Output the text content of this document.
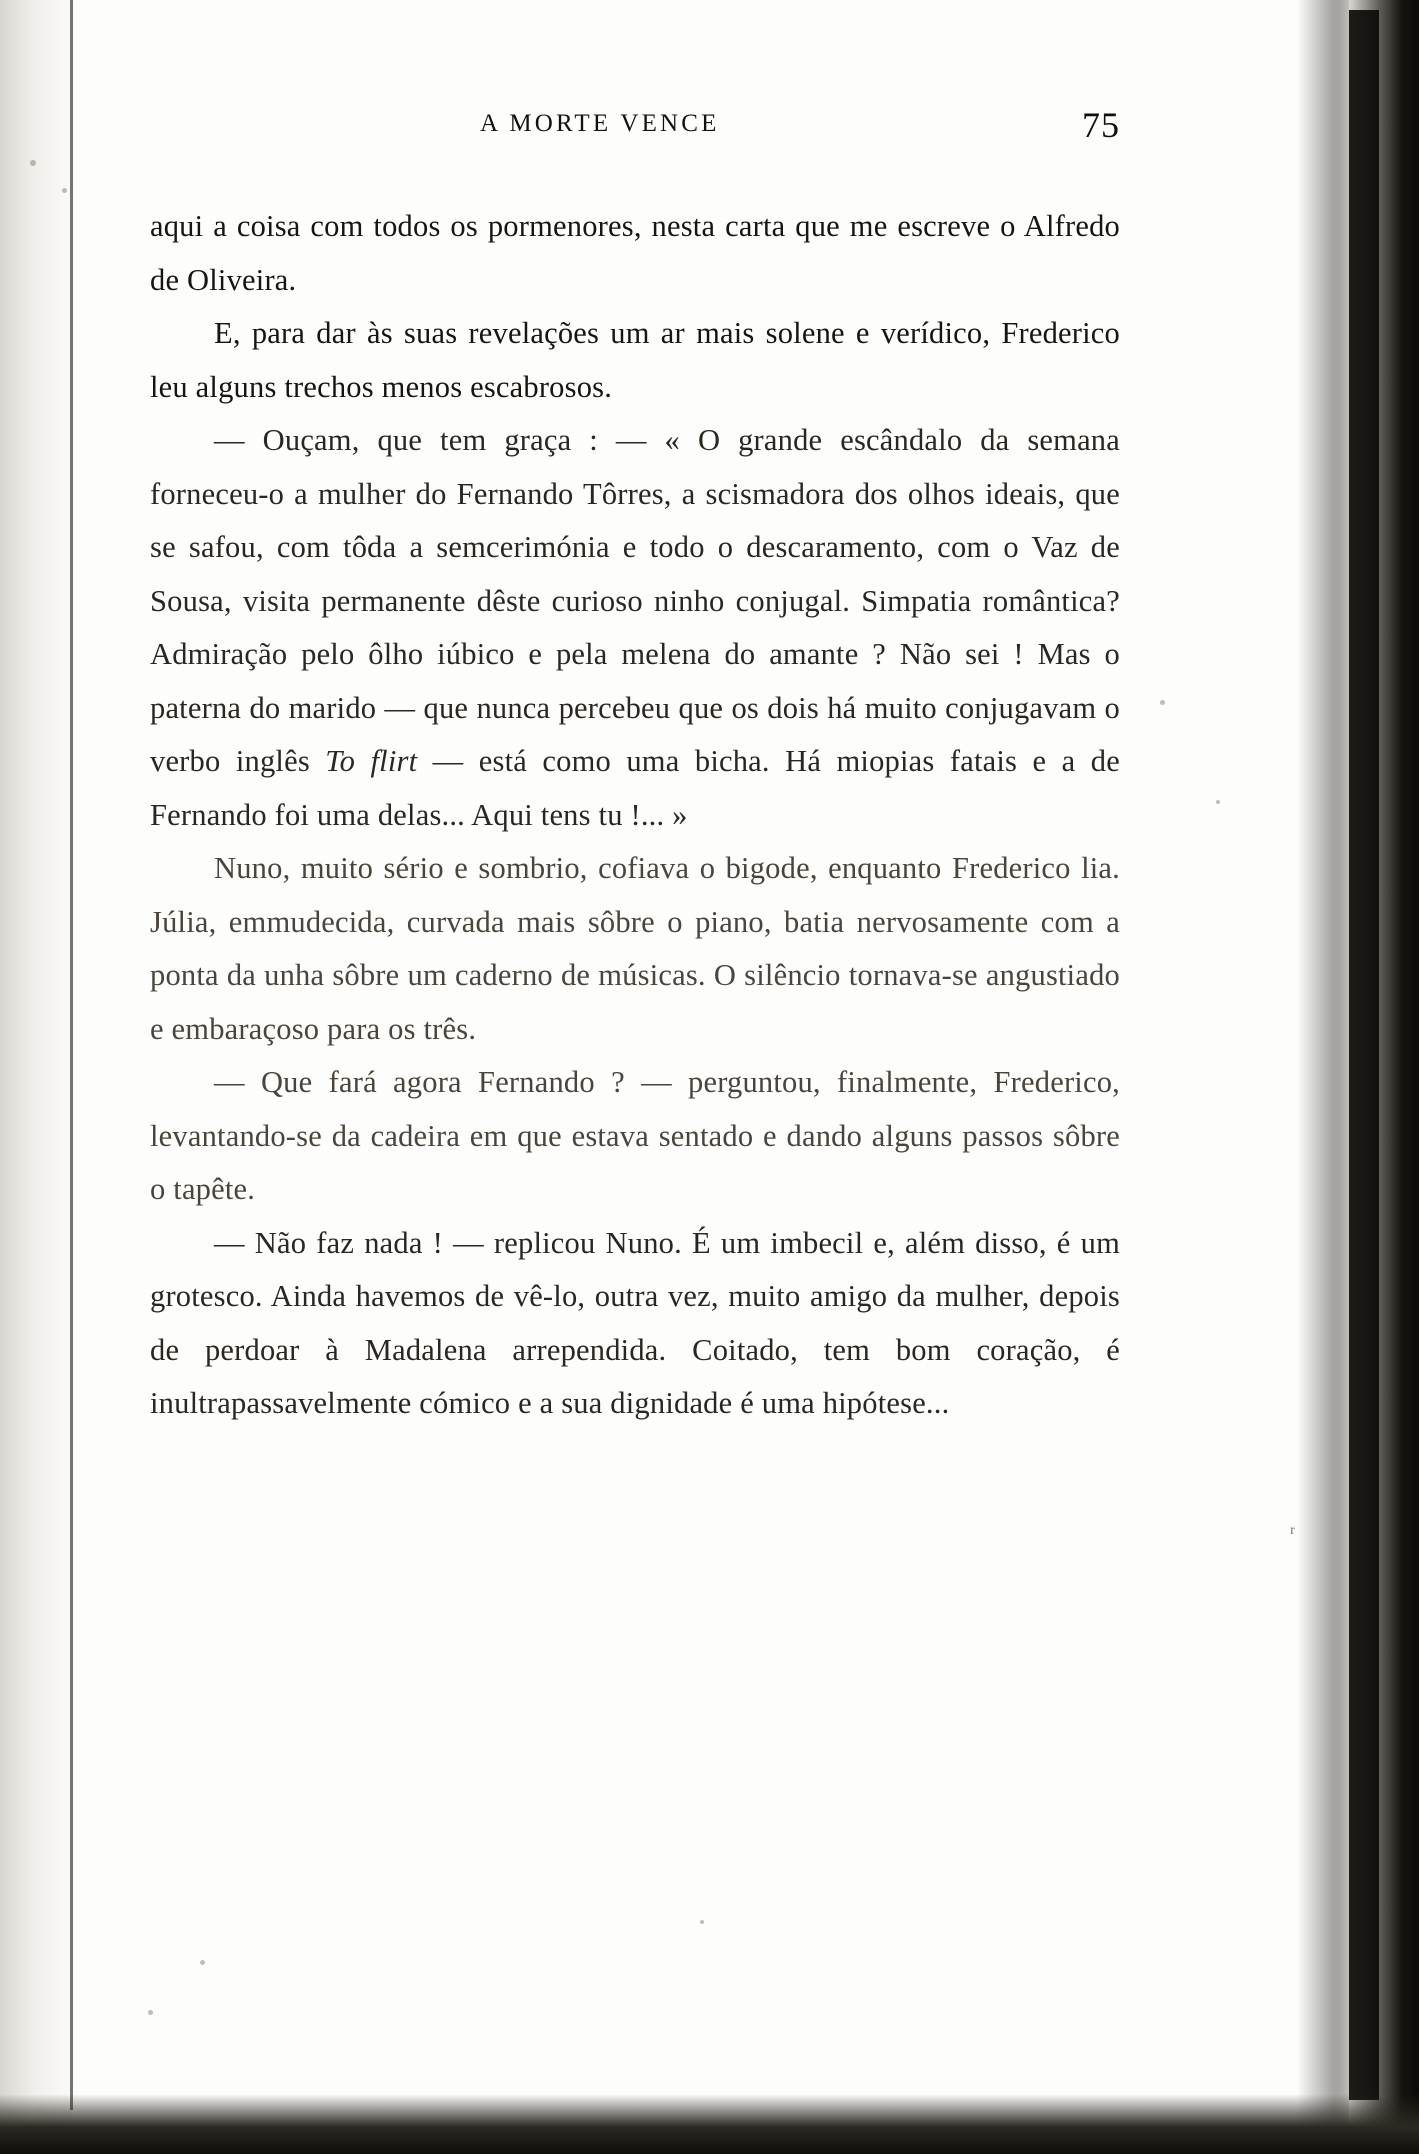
A MORTE VENCE	75

aqui a coisa com todos os pormenores, nesta carta que me escreve o Alfredo de Oliveira.

E, para dar às suas revelações um ar mais solene e verídico, Frederico leu alguns trechos menos escabrosos.

— Ouçam, que tem graça : — « O grande escândalo da semana forneceu-o a mulher do Fernando Tôrres, a scismadora dos olhos ideais, que se safou, com tôda a semcerimónia e todo o descaramento, com o Vaz de Sousa, visita permanente dêste curioso ninho conjugal. Simpatia romântica? Admiração pelo ôlho iúbico e pela melena do amante ? Não sei ! Mas o paterna do marido — que nunca percebeu que os dois há muito conjugavam o verbo inglês To flirt — está como uma bicha. Há miopias fatais e a de Fernando foi uma delas... Aqui tens tu !... »

Nuno, muito sério e sombrio, cofiava o bigode, enquanto Frederico lia. Júlia, emmudecida, curvada mais sôbre o piano, batia nervosamente com a ponta da unha sôbre um caderno de músicas. O silêncio tornava-se angustiado e embaraçoso para os três.

— Que fará agora Fernando ? — perguntou, finalmente, Frederico, levantando-se da cadeira em que estava sentado e dando alguns passos sôbre o tapête.

— Não faz nada ! — replicou Nuno. É um imbecil e, além disso, é um grotesco. Ainda havemos de vê-lo, outra vez, muito amigo da mulher, depois de perdoar à Madalena arrependida. Coitado, tem bom coração, é inultrapassavelmente cómico e a sua dignidade é uma hipótese...

ʳ
